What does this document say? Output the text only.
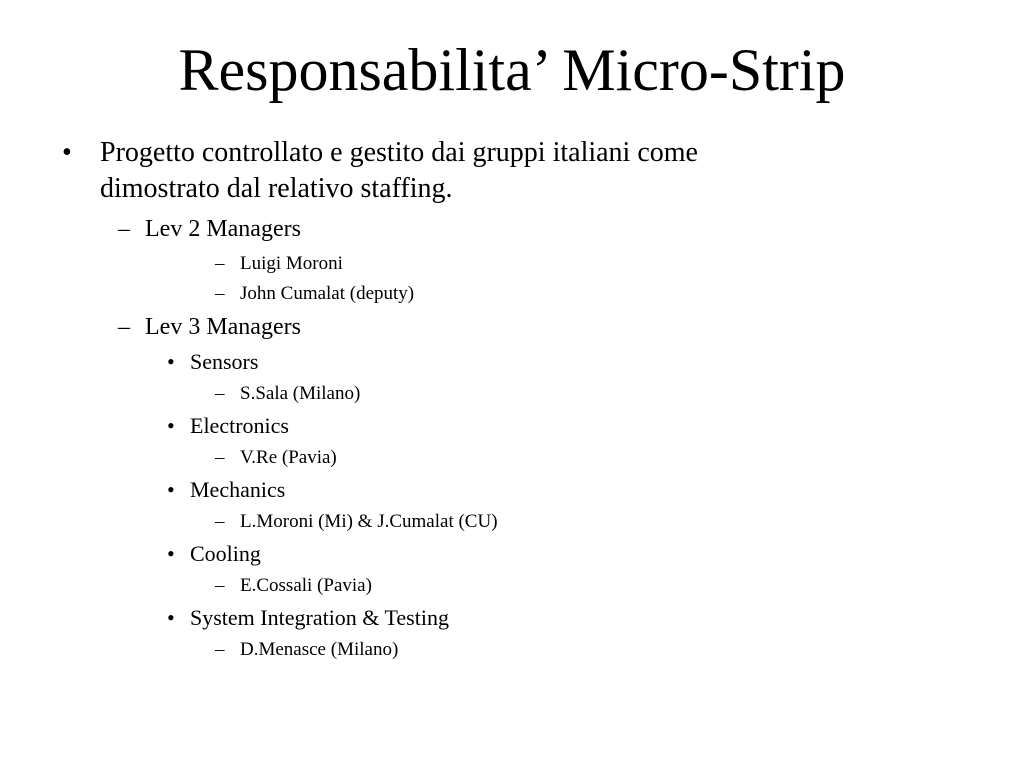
Responsabilita’ Micro-Strip
• Progetto controllato e gestito dai gruppi italiani come
dimostrato dal relativo staffing.
– Lev 2 Managers
– Luigi Moroni
– John Cumalat (deputy)
– Lev 3 Managers
• Sensors
– S.Sala (Milano)
• Electronics
– V.Re (Pavia)
• Mechanics
– L.Moroni (Mi) & J.Cumalat (CU)
• Cooling
– E.Cossali (Pavia)
• System Integration & Testing
– D.Menasce (Milano)
